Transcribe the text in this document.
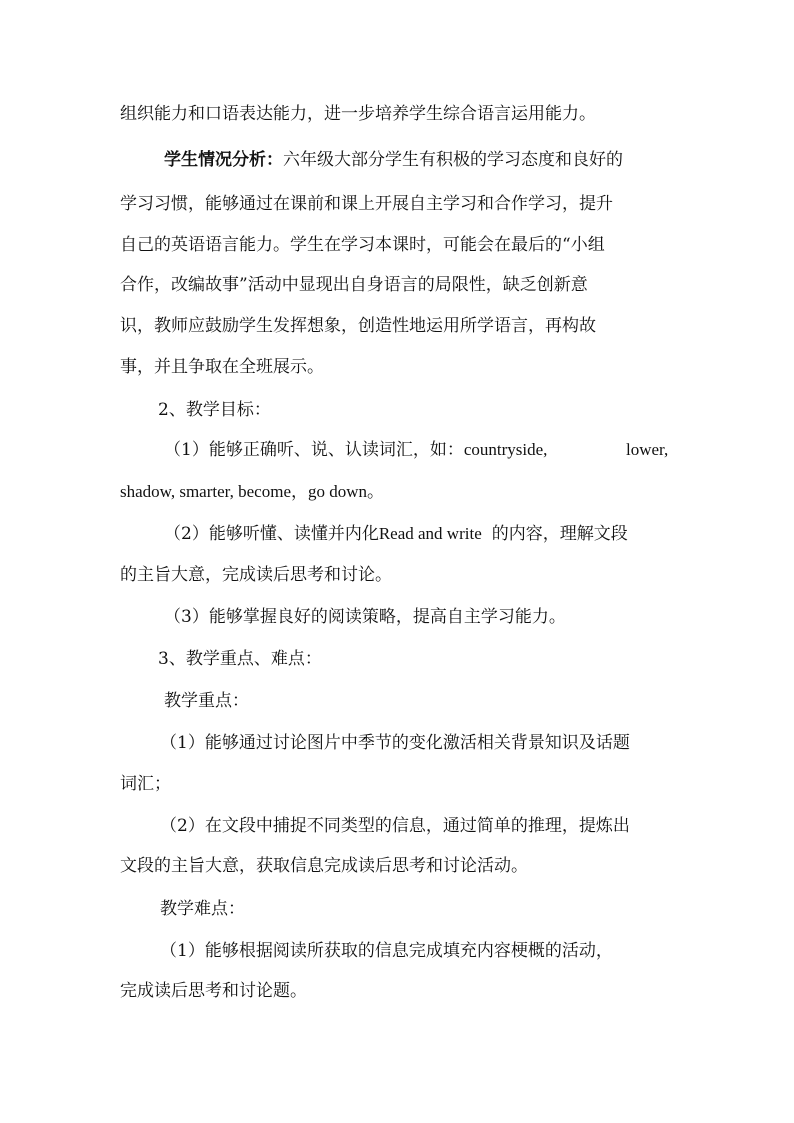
组织能力和口语表达能力，进一步培养学生综合语言运用能力。
学生情况分析：六年级大部分学生有积极的学习态度和良好的
学习习惯，能够通过在课前和课上开展自主学习和合作学习，提升
自己的英语语言能力。学生在学习本课时，可能会在最后的“小组
合作，改编故事”活动中显现出自身语言的局限性，缺乏创新意
识，教师应鼓励学生发挥想象，创造性地运用所学语言，再构故
事，并且争取在全班展示。
2、教学目标：
（1）能够正确听、说、认读词汇，如：countryside,	lower,
shadow, smarter, become，go down。
（2）能够听懂、读懂并内化Read and write 的内容，理解文段
的主旨大意，完成读后思考和讨论。
（3）能够掌握良好的阅读策略，提高自主学习能力。
3、教学重点、难点：
教学重点：
（1）能够通过讨论图片中季节的变化激活相关背景知识及话题
词汇；
（2）在文段中捕捉不同类型的信息，通过简单的推理，提炼出
文段的主旨大意，获取信息完成读后思考和讨论活动。
教学难点：
（1）能够根据阅读所获取的信息完成填充内容梗概的活动，
完成读后思考和讨论题。
